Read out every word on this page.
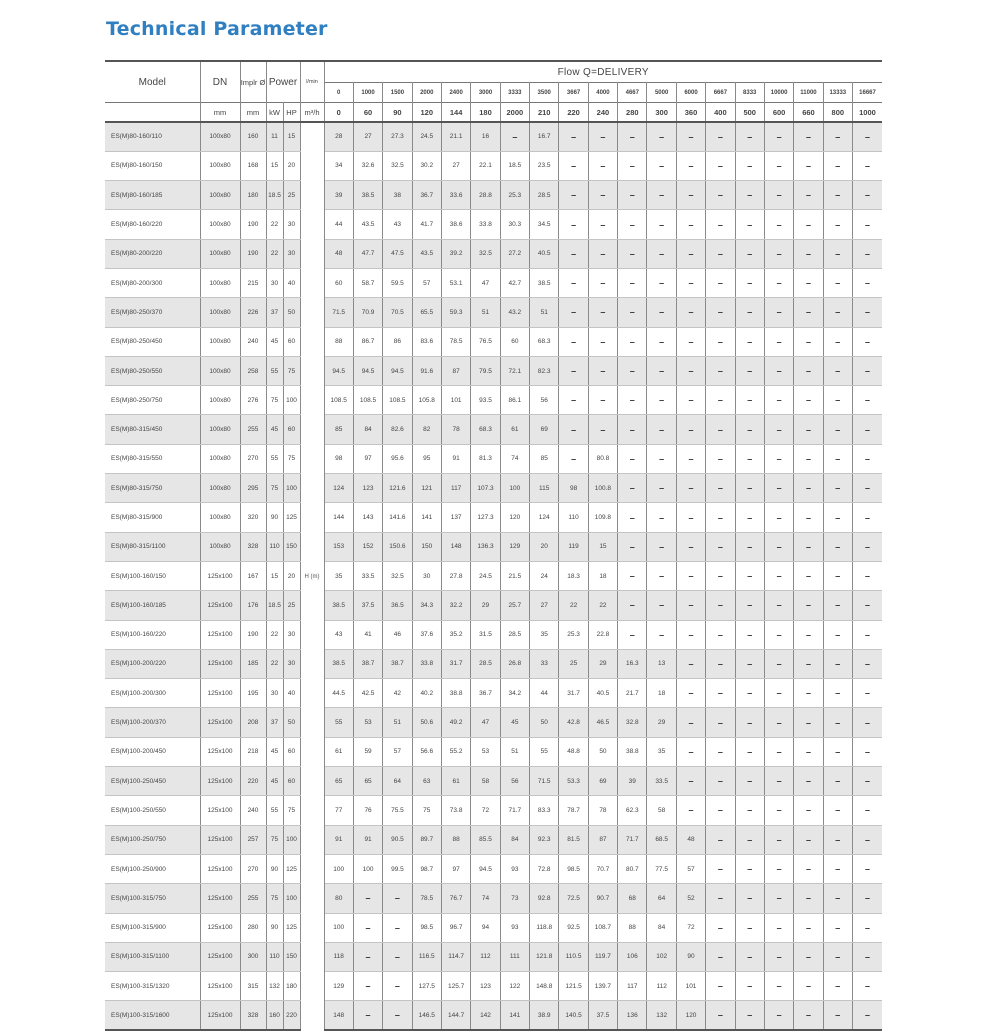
Technical Parameter
Model	DN	Implr Ø	Power		l/min	Flow Q=DELIVERY																		
						0	1000	1500	2000	2400	3000	3333	3500	3667	4000	4667	5000	6000	6667	8333	10000	11000	13333	16667
	mm	mm	kW	HP	m³/h	0	60	90	120	144	180	2000	210	220	240	280	300	360	400	500	600	660	800	1000
ES(M)80-160/110	100x80	160	11	15	H (m)	28	27	27.3	24.5	21.1	16	–	16.7	–	–	–	–	–	–	–	–	–	–	–
ES(M)80-160/150	100x80	168	15	20		34	32.6	32.5	30.2	27	22.1	18.5	23.5	–	–	–	–	–	–	–	–	–	–	–
ES(M)80-160/185	100x80	180	18.5	25		39	38.5	38	36.7	33.6	28.8	25.3	28.5	–	–	–	–	–	–	–	–	–	–	–
ES(M)80-160/220	100x80	190	22	30		44	43.5	43	41.7	38.6	33.8	30.3	34.5	–	–	–	–	–	–	–	–	–	–	–
ES(M)80-200/220	100x80	190	22	30		48	47.7	47.5	43.5	39.2	32.5	27.2	40.5	–	–	–	–	–	–	–	–	–	–	–
ES(M)80-200/300	100x80	215	30	40		60	58.7	59.5	57	53.1	47	42.7	38.5	–	–	–	–	–	–	–	–	–	–	–
ES(M)80-250/370	100x80	226	37	50		71.5	70.9	70.5	65.5	59.3	51	43.2	51	–	–	–	–	–	–	–	–	–	–	–
ES(M)80-250/450	100x80	240	45	60		88	86.7	86	83.6	78.5	76.5	60	68.3	–	–	–	–	–	–	–	–	–	–	–
ES(M)80-250/550	100x80	258	55	75		94.5	94.5	94.5	91.6	87	79.5	72.1	82.3	–	–	–	–	–	–	–	–	–	–	–
ES(M)80-250/750	100x80	276	75	100		108.5	108.5	108.5	105.8	101	93.5	86.1	56	–	–	–	–	–	–	–	–	–	–	–
ES(M)80-315/450	100x80	255	45	60		85	84	82.6	82	78	68.3	61	69	–	–	–	–	–	–	–	–	–	–	–
ES(M)80-315/550	100x80	270	55	75		98	97	95.6	95	91	81.3	74	85	–	80.8	–	–	–	–	–	–	–	–	–
ES(M)80-315/750	100x80	295	75	100		124	123	121.6	121	117	107.3	100	115	98	100.8	–	–	–	–	–	–	–	–	–
ES(M)80-315/900	100x80	320	90	125		144	143	141.6	141	137	127.3	120	124	110	109.8	–	–	–	–	–	–	–	–	–
ES(M)80-315/1100	100x80	328	110	150		153	152	150.6	150	148	136.3	129	20	119	15	–	–	–	–	–	–	–	–	–
ES(M)100-160/150	125x100	167	15	20		35	33.5	32.5	30	27.8	24.5	21.5	24	18.3	18	–	–	–	–	–	–	–	–	–
ES(M)100-160/185	125x100	176	18.5	25		38.5	37.5	36.5	34.3	32.2	29	25.7	27	22	22	–	–	–	–	–	–	–	–	–
ES(M)100-160/220	125x100	190	22	30		43	41	46	37.6	35.2	31.5	28.5	35	25.3	22.8	–	–	–	–	–	–	–	–	–
ES(M)100-200/220	125x100	185	22	30		38.5	38.7	38.7	33.8	31.7	28.5	26.8	33	25	29	16.3	13	–	–	–	–	–	–	–
ES(M)100-200/300	125x100	195	30	40		44.5	42.5	42	40.2	38.8	36.7	34.2	44	31.7	40.5	21.7	18	–	–	–	–	–	–	–
ES(M)100-200/370	125x100	208	37	50		55	53	51	50.6	49.2	47	45	50	42.8	46.5	32.8	29	–	–	–	–	–	–	–
ES(M)100-200/450	125x100	218	45	60		61	59	57	56.6	55.2	53	51	55	48.8	50	38.8	35	–	–	–	–	–	–	–
ES(M)100-250/450	125x100	220	45	60		65	65	64	63	61	58	56	71.5	53.3	69	39	33.5	–	–	–	–	–	–	–
ES(M)100-250/550	125x100	240	55	75		77	76	75.5	75	73.8	72	71.7	83.3	78.7	78	62.3	58	–	–	–	–	–	–	–
ES(M)100-250/750	125x100	257	75	100		91	91	90.5	89.7	88	85.5	84	92.3	81.5	87	71.7	68.5	48	–	–	–	–	–	–
ES(M)100-250/900	125x100	270	90	125		100	100	99.5	98.7	97	94.5	93	72.8	98.5	70.7	80.7	77.5	57	–	–	–	–	–	–
ES(M)100-315/750	125x100	255	75	100		80	–	–	78.5	76.7	74	73	92.8	72.5	90.7	68	64	52	–	–	–	–	–	–
ES(M)100-315/900	125x100	280	90	125		100	–	–	98.5	96.7	94	93	118.8	92.5	108.7	88	84	72	–	–	–	–	–	–
ES(M)100-315/1100	125x100	300	110	150		118	–	–	116.5	114.7	112	111	121.8	110.5	119.7	106	102	90	–	–	–	–	–	–
ES(M)100-315/1320	125x100	315	132	180		129	–	–	127.5	125.7	123	122	148.8	121.5	139.7	117	112	101	–	–	–	–	–	–
ES(M)100-315/1600	125x100	328	160	220		148	–	–	146.5	144.7	142	141	38.9	140.5	37.5	136	132	120	–	–	–	–	–	–
